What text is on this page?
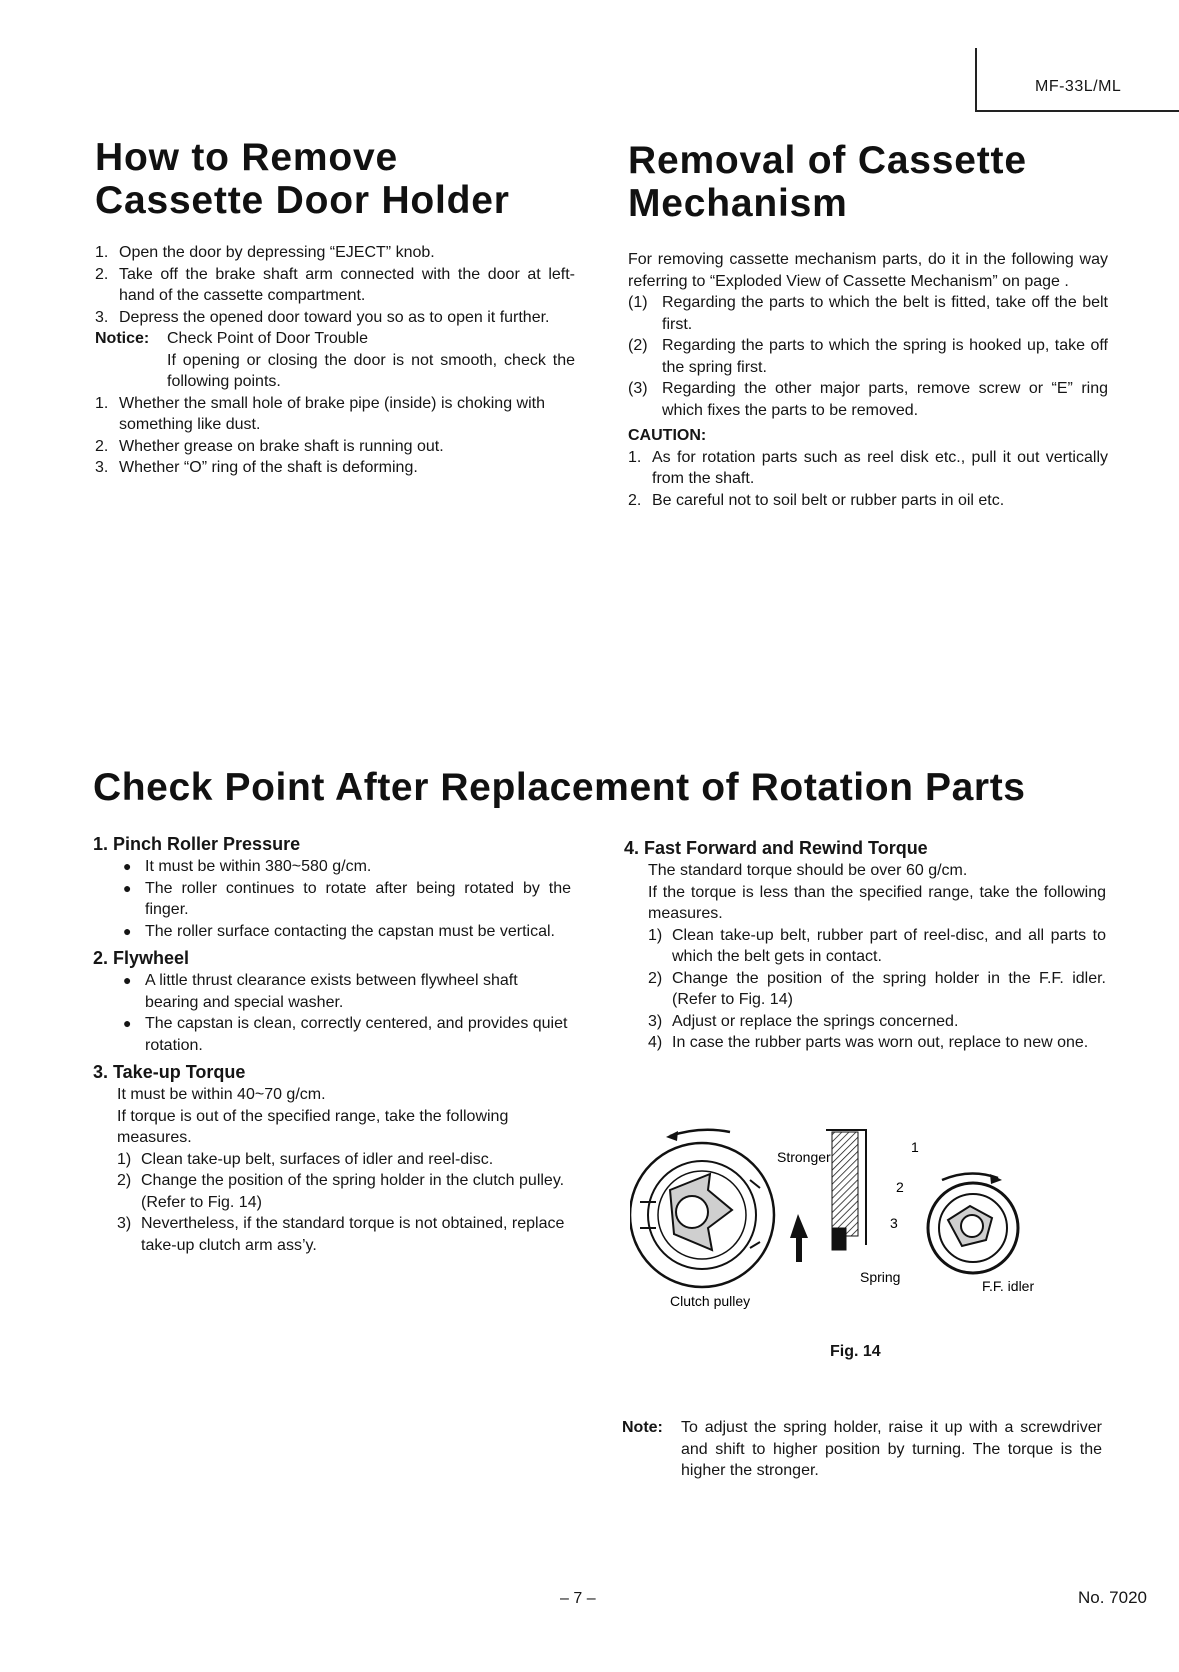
MF-33L/ML
How to Remove
Cassette Door Holder
1. Open the door by depressing “EJECT” knob.
2. Take off the brake shaft arm connected with the door at left-hand of the cassette compartment.
3. Depress the opened door toward you so as to open it further.
Notice:	Check Point of Door Trouble
If opening or closing the door is not smooth, check the following points.
1. Whether the small hole of brake pipe (inside) is choking with something like dust.
2. Whether grease on brake shaft is running out.
3. Whether “O” ring of the shaft is deforming.
Removal of Cassette
Mechanism
For removing cassette mechanism parts, do it in the following way referring to “Exploded View of Cassette Mechanism” on page .
(1) Regarding the parts to which the belt is fitted, take off the belt first.
(2) Regarding the parts to which the spring is hooked up, take off the spring first.
(3) Regarding the other major parts, remove screw or “E” ring which fixes the parts to be removed.
CAUTION:
1. As for rotation parts such as reel disk etc., pull it out vertically from the shaft.
2. Be careful not to soil belt or rubber parts in oil etc.
Check Point After Replacement of Rotation Parts
1. Pinch Roller Pressure
● It must be within 380~580 g/cm.
● The roller continues to rotate after being rotated by the finger.
● The roller surface contacting the capstan must be vertical.
2. Flywheel
● A little thrust clearance exists between flywheel shaft bearing and special washer.
● The capstan is clean, correctly centered, and provides quiet rotation.
3. Take-up Torque
It must be within 40~70 g/cm.
If torque is out of the specified range, take the following measures.
1) Clean take-up belt, surfaces of idler and reel-disc.
2) Change the position of the spring holder in the clutch pulley. (Refer to Fig. 14)
3) Nevertheless, if the standard torque is not obtained, replace take-up clutch arm ass’y.
4. Fast Forward and Rewind Torque
The standard torque should be over 60 g/cm.
If the torque is less than the specified range, take the following measures.
1) Clean take-up belt, rubber part of reel-disc, and all parts to which the belt gets in contact.
2) Change the position of the spring holder in the F.F. idler. (Refer to Fig. 14)
3) Adjust or replace the springs concerned.
4) In case the rubber parts was worn out, replace to new one.
Stronger
1
2
3
Spring
Clutch pulley
F.F. idler
Fig. 14
Note:	To adjust the spring holder, raise it up with a screwdriver and shift to higher position by turning. The torque is the higher the stronger.
– 7 –	No. 7020
